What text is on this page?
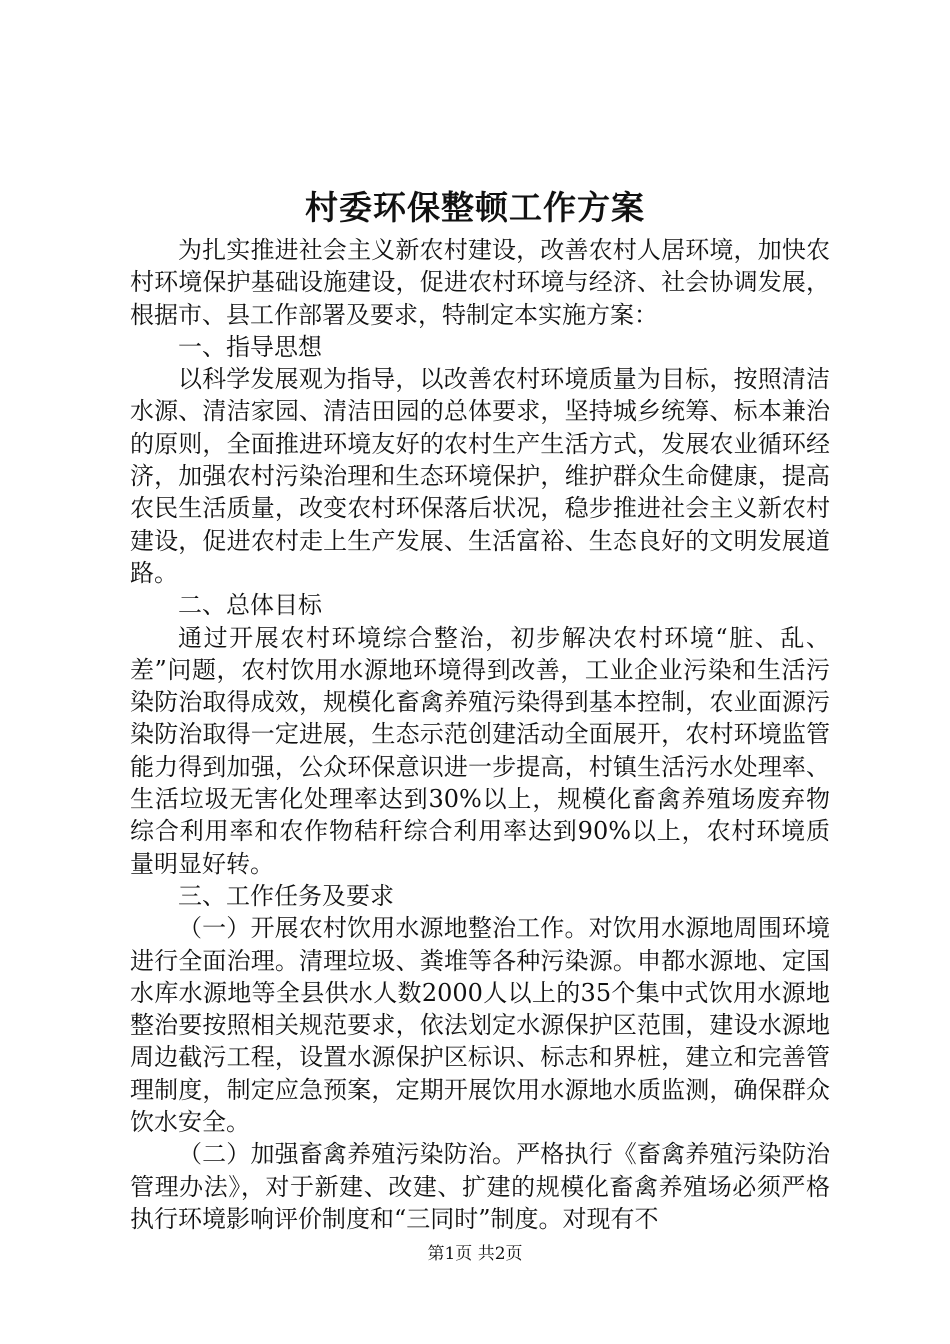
村委环保整顿工作方案

为扎实推进社会主义新农村建设，改善农村人居环境，加快农村环境保护基础设施建设，促进农村环境与经济、社会协调发展，根据市、县工作部署及要求，特制定本实施方案：

一、指导思想

以科学发展观为指导，以改善农村环境质量为目标，按照清洁水源、清洁家园、清洁田园的总体要求，坚持城乡统筹、标本兼治的原则，全面推进环境友好的农村生产生活方式，发展农业循环经济，加强农村污染治理和生态环境保护，维护群众生命健康，提高农民生活质量，改变农村环保落后状况，稳步推进社会主义新农村建设，促进农村走上生产发展、生活富裕、生态良好的文明发展道路。

二、总体目标

通过开展农村环境综合整治，初步解决农村环境“脏、乱、差”问题，农村饮用水源地环境得到改善，工业企业污染和生活污染防治取得成效，规模化畜禽养殖污染得到基本控制，农业面源污染防治取得一定进展，生态示范创建活动全面展开，农村环境监管能力得到加强，公众环保意识进一步提高，村镇生活污水处理率、生活垃圾无害化处理率达到30%以上，规模化畜禽养殖场废弃物综合利用率和农作物秸秆综合利用率达到90%以上，农村环境质量明显好转。

三、工作任务及要求

（一）开展农村饮用水源地整治工作。对饮用水源地周围环境进行全面治理。清理垃圾、粪堆等各种污染源。申都水源地、定国水库水源地等全县供水人数2000人以上的35个集中式饮用水源地整治要按照相关规范要求，依法划定水源保护区范围，建设水源地周边截污工程，设置水源保护区标识、标志和界桩，建立和完善管理制度，制定应急预案，定期开展饮用水源地水质监测，确保群众饮水安全。

（二）加强畜禽养殖污染防治。严格执行《畜禽养殖污染防治管理办法》，对于新建、改建、扩建的规模化畜禽养殖场必须严格执行环境影响评价制度和“三同时”制度。对现有不

第1页 共2页
